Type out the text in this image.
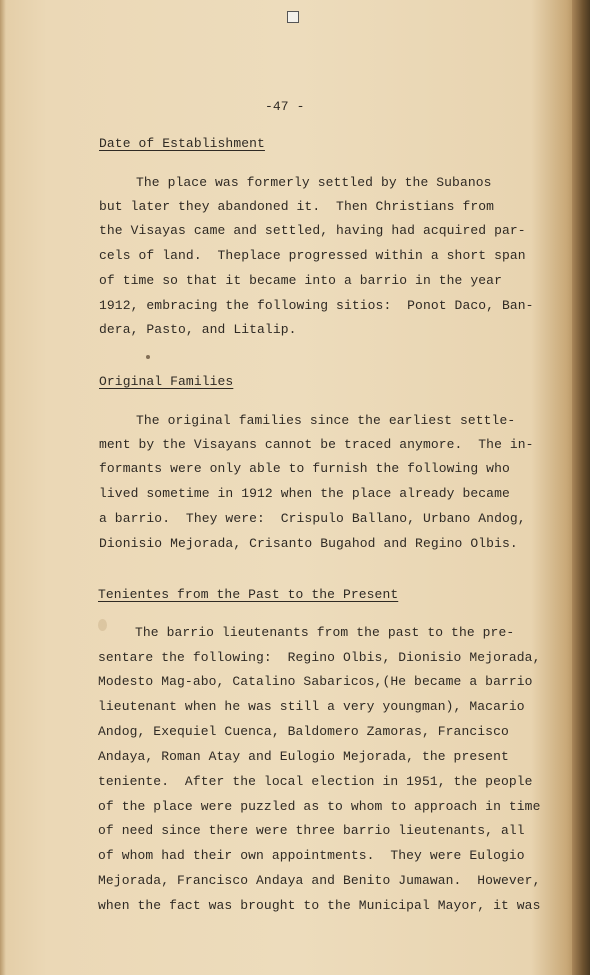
-47 -
Date of Establishment
The place was formerly settled by the Subanos
but later they abandoned it.  Then Christians from
the Visayas came and settled, having had acquired par-
cels of land.  Theplace progressed within a short span
of time so that it became into a barrio in the year
1912, embracing the following sitios:  Ponot Daco, Ban-
dera, Pasto, and Litalip.
Original Families
The original families since the earliest settle-
ment by the Visayans cannot be traced anymore.  The in-
formants were only able to furnish the following who
lived sometime in 1912 when the place already became
a barrio.  They were:  Crispulo Ballano, Urbano Andog,
Dionisio Mejorada, Crisanto Bugahod and Regino Olbis.
Tenientes from the Past to the Present
The barrio lieutenants from the past to the pre-
sentare the following:  Regino Olbis, Dionisio Mejorada,
Modesto Mag-abo, Catalino Sabaricos,(He became a barrio
lieutenant when he was still a very youngman), Macario
Andog, Exequiel Cuenca, Baldomero Zamoras, Francisco
Andaya, Roman Atay and Eulogio Mejorada, the present
teniente.  After the local election in 1951, the people
of the place were puzzled as to whom to approach in time
of need since there were three barrio lieutenants, all
of whom had their own appointments.  They were Eulogio
Mejorada, Francisco Andaya and Benito Jumawan.  However,
when the fact was brought to the Municipal Mayor, it was
